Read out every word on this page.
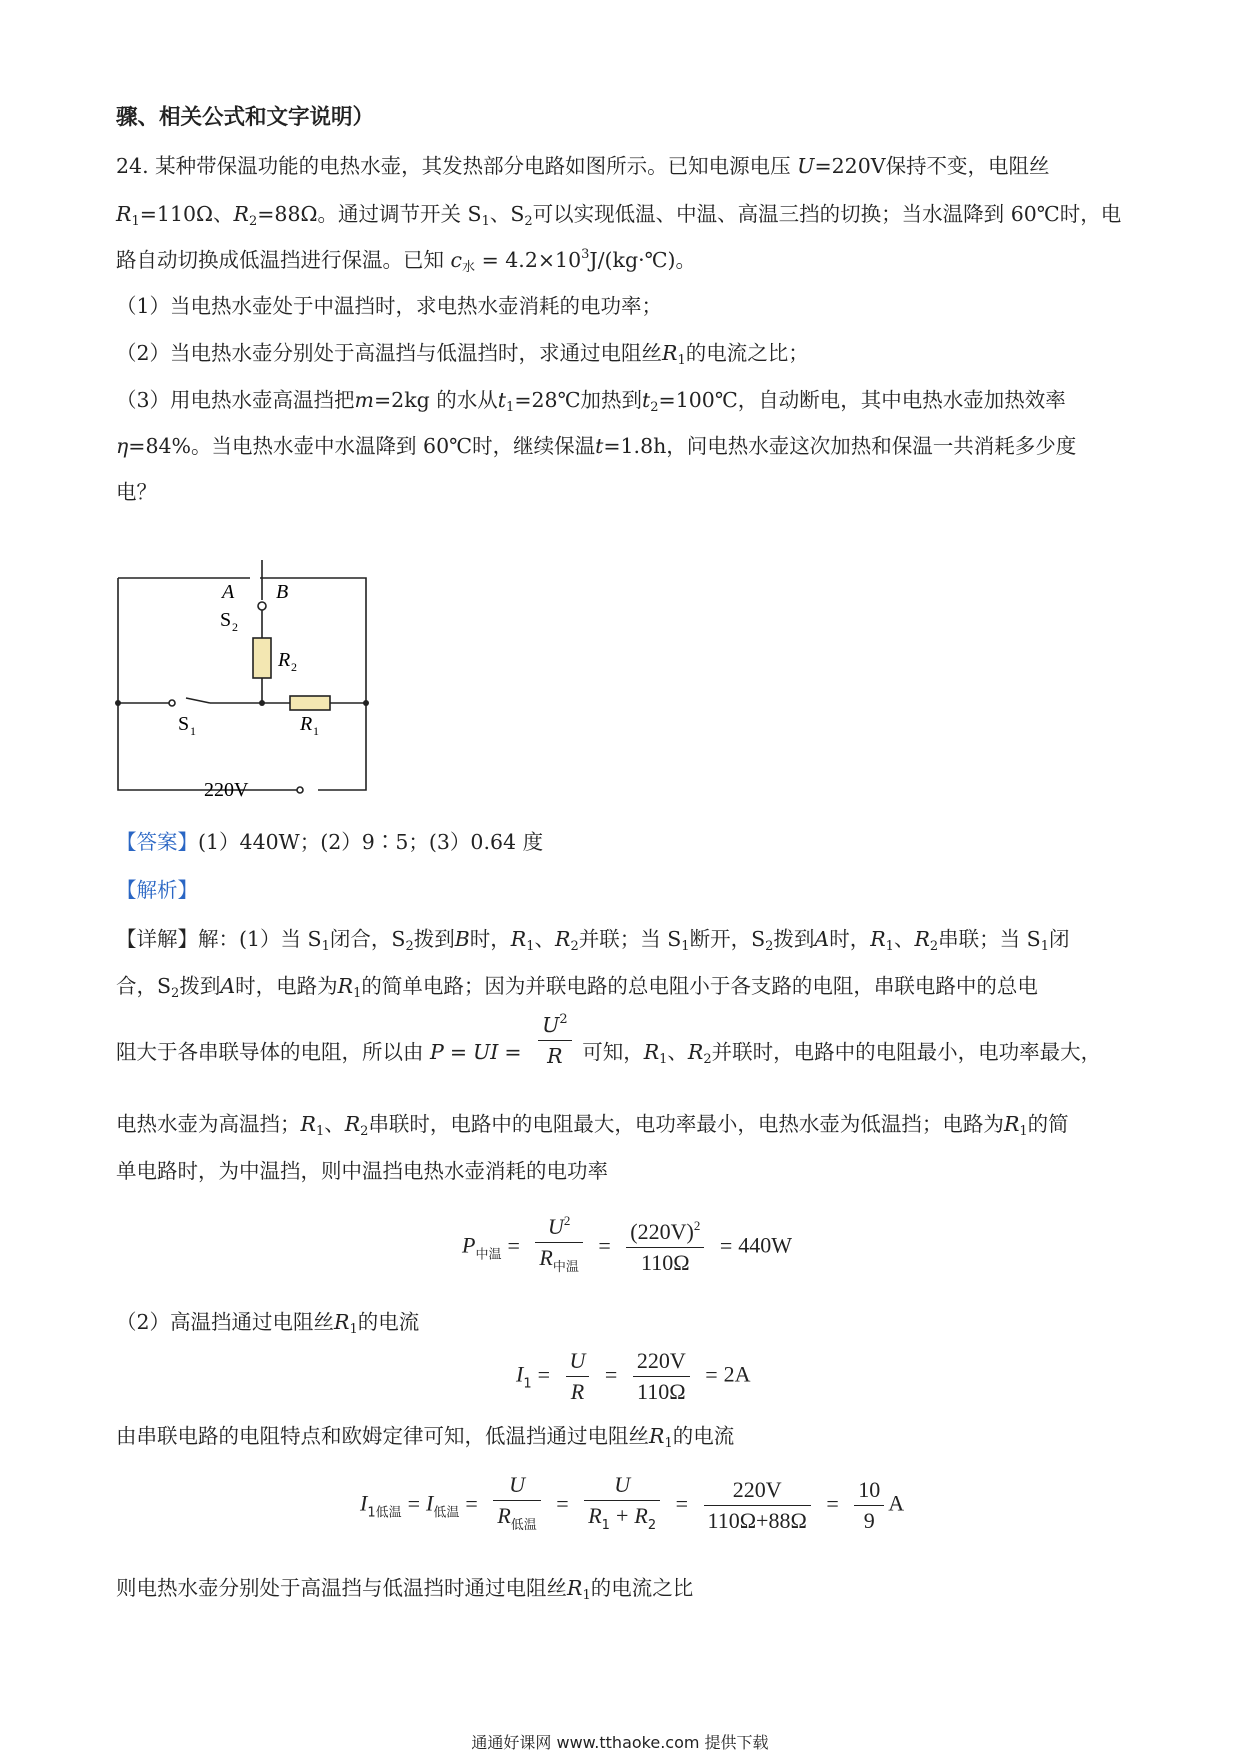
骤、相关公式和文字说明）
24. 某种带保温功能的电热水壶，其发热部分电路如图所示。已知电源电压 U=220V保持不变，电阻丝
$R_1=110\Omega$、$R_2=88\Omega$。通过调节开关 $S_1$、$S_2$可以实现低温、中温、高温三挡的切换；当水温降到 60℃时，电
路自动切换成低温挡进行保温。已知 $c_水$ = $4.2\times 10^3J/(kg\cdot℃)$。
（1）当电热水壶处于中温挡时，求电热水壶消耗的电功率；
（2）当电热水壶分别处于高温挡与低温挡时，求通过电阻丝$R_1$的电流之比；
（3）用电热水壶高温挡把m=2kg 的水从$t_1=28℃$加热到$t_2=100℃$，自动断电，其中电热水壶加热效率
η=84%。当电热水壶中水温降到 60℃时，继续保温t=1.8h，问电热水壶这次加热和保温一共消耗多少度
电？
A B
S 2
R 2
S 1	R 1
220V
【答案】(1）440W；(2）9∶5；(3）0.64 度
【解析】
【详解】解：(1）当 $S_1$闭合，$S_2$拨到B时，$R_1$、$R_2$并联；当 $S_1$断开，$S_2$拨到A时，$R_1$、$R_2$串联；当 $S_1$闭
合，$S_2$拨到A时，电路为$R_1$的简单电路；因为并联电路的总电阻小于各支路的电阻，串联电路中的总电
阻大于各串联导体的电阻，所以由 P = UI = $\frac{U^2}{R}$ 可知，$R_1$、$R_2$并联时，电路中的电阻最小，电功率最大，
电热水壶为高温挡；$R_1$、$R_2$串联时，电路中的电阻最大，电功率最小，电热水壶为低温挡；电路为$R_1$的简
单电路时，为中温挡，则中温挡电热水壶消耗的电功率
$P_{中温} = \frac{U^2}{R_{中温}} = \frac{(220V)^2}{110\Omega} = 440W$
（2）高温挡通过电阻丝$R_1$的电流
$I_1 = \frac{U}{R} = \frac{220V}{110\Omega} = 2A$
由串联电路的电阻特点和欧姆定律可知，低温挡通过电阻丝$R_1$的电流
$I_{1低温} = I_{低温} = \frac{U}{R_{低温}} = \frac{U}{R_1 + R_2} = \frac{220V}{110\Omega+88\Omega} = \frac{10}{9}$ A
则电热水壶分别处于高温挡与低温挡时通过电阻丝$R_1$的电流之比
通通好课网 www.tthaoke.com 提供下载
